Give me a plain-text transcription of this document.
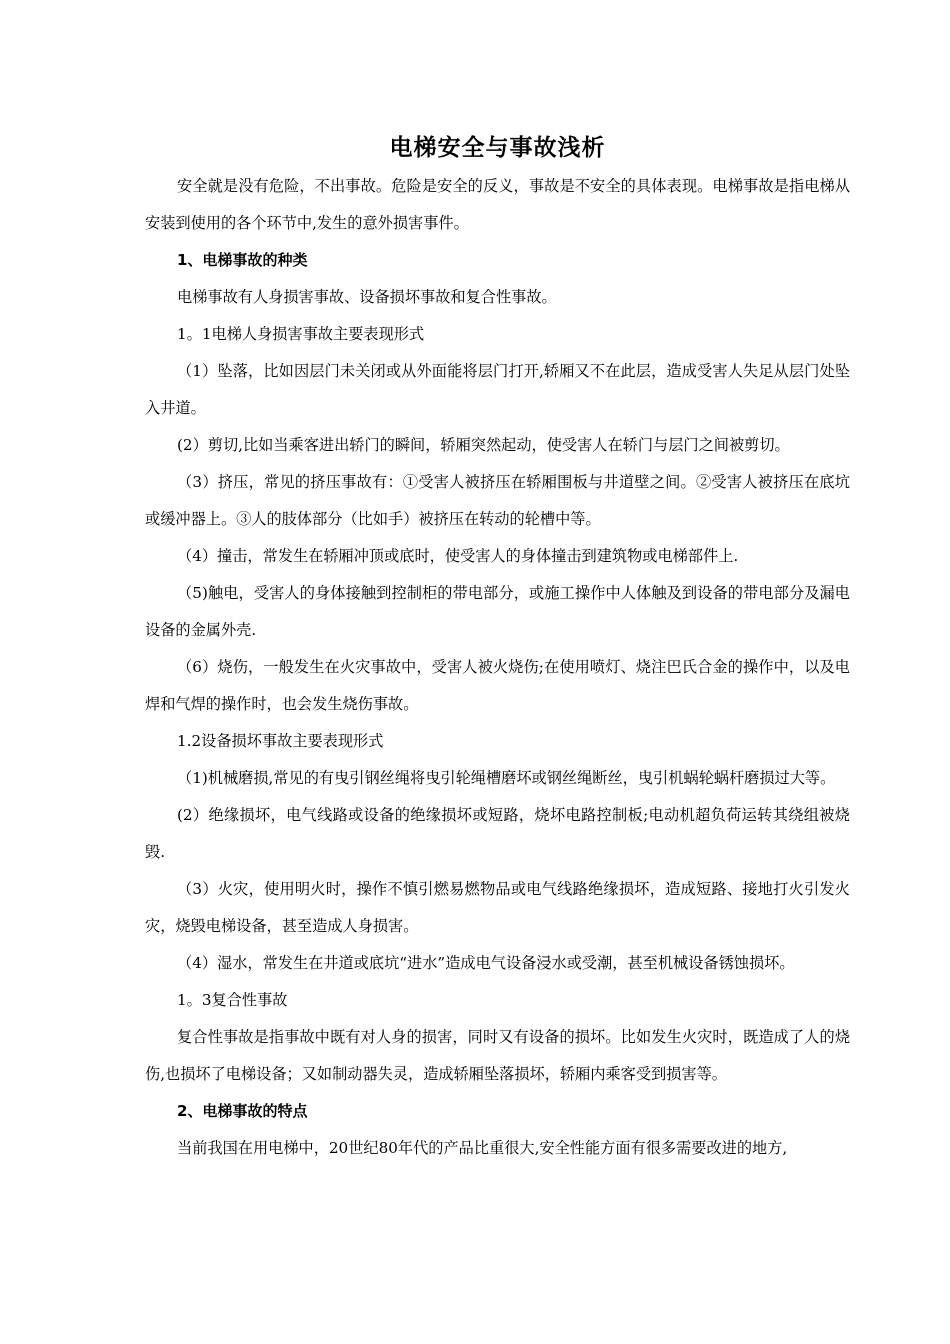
电梯安全与事故浅析

安全就是没有危险，不出事故。危险是安全的反义，事故是不安全的具体表现。电梯事故是指电梯从安装到使用的各个环节中,发生的意外损害事件。

1、电梯事故的种类

电梯事故有人身损害事故、设备损坏事故和复合性事故。

1。1电梯人身损害事故主要表现形式

（1）坠落，比如因层门未关闭或从外面能将层门打开,轿厢又不在此层，造成受害人失足从层门处坠入井道。

(2）剪切,比如当乘客进出轿门的瞬间，轿厢突然起动，使受害人在轿门与层门之间被剪切。

（3）挤压，常见的挤压事故有：①受害人被挤压在轿厢围板与井道壁之间。②受害人被挤压在底坑或缓冲器上。③人的肢体部分（比如手）被挤压在转动的轮槽中等。

（4）撞击，常发生在轿厢冲顶或底时，使受害人的身体撞击到建筑物或电梯部件上.

（5)触电，受害人的身体接触到控制柜的带电部分，或施工操作中人体触及到设备的带电部分及漏电设备的金属外壳.

（6）烧伤，一般发生在火灾事故中，受害人被火烧伤;在使用喷灯、烧注巴氏合金的操作中，以及电焊和气焊的操作时，也会发生烧伤事故。

1.2设备损坏事故主要表现形式

（1)机械磨损,常见的有曳引钢丝绳将曳引轮绳槽磨坏或钢丝绳断丝，曳引机蜗轮蜗杆磨损过大等。

(2）绝缘损坏，电气线路或设备的绝缘损坏或短路，烧坏电路控制板;电动机超负荷运转其绕组被烧毁.

（3）火灾，使用明火时，操作不慎引燃易燃物品或电气线路绝缘损坏，造成短路、接地打火引发火灾，烧毁电梯设备，甚至造成人身损害。

（4）湿水，常发生在井道或底坑“进水”造成电气设备浸水或受潮，甚至机械设备锈蚀损坏。

1。3复合性事故

复合性事故是指事故中既有对人身的损害，同时又有设备的损坏。比如发生火灾时，既造成了人的烧伤,也损坏了电梯设备；又如制动器失灵，造成轿厢坠落损坏，轿厢内乘客受到损害等。

2、电梯事故的特点

当前我国在用电梯中，20世纪80年代的产品比重很大,安全性能方面有很多需要改进的地方,
